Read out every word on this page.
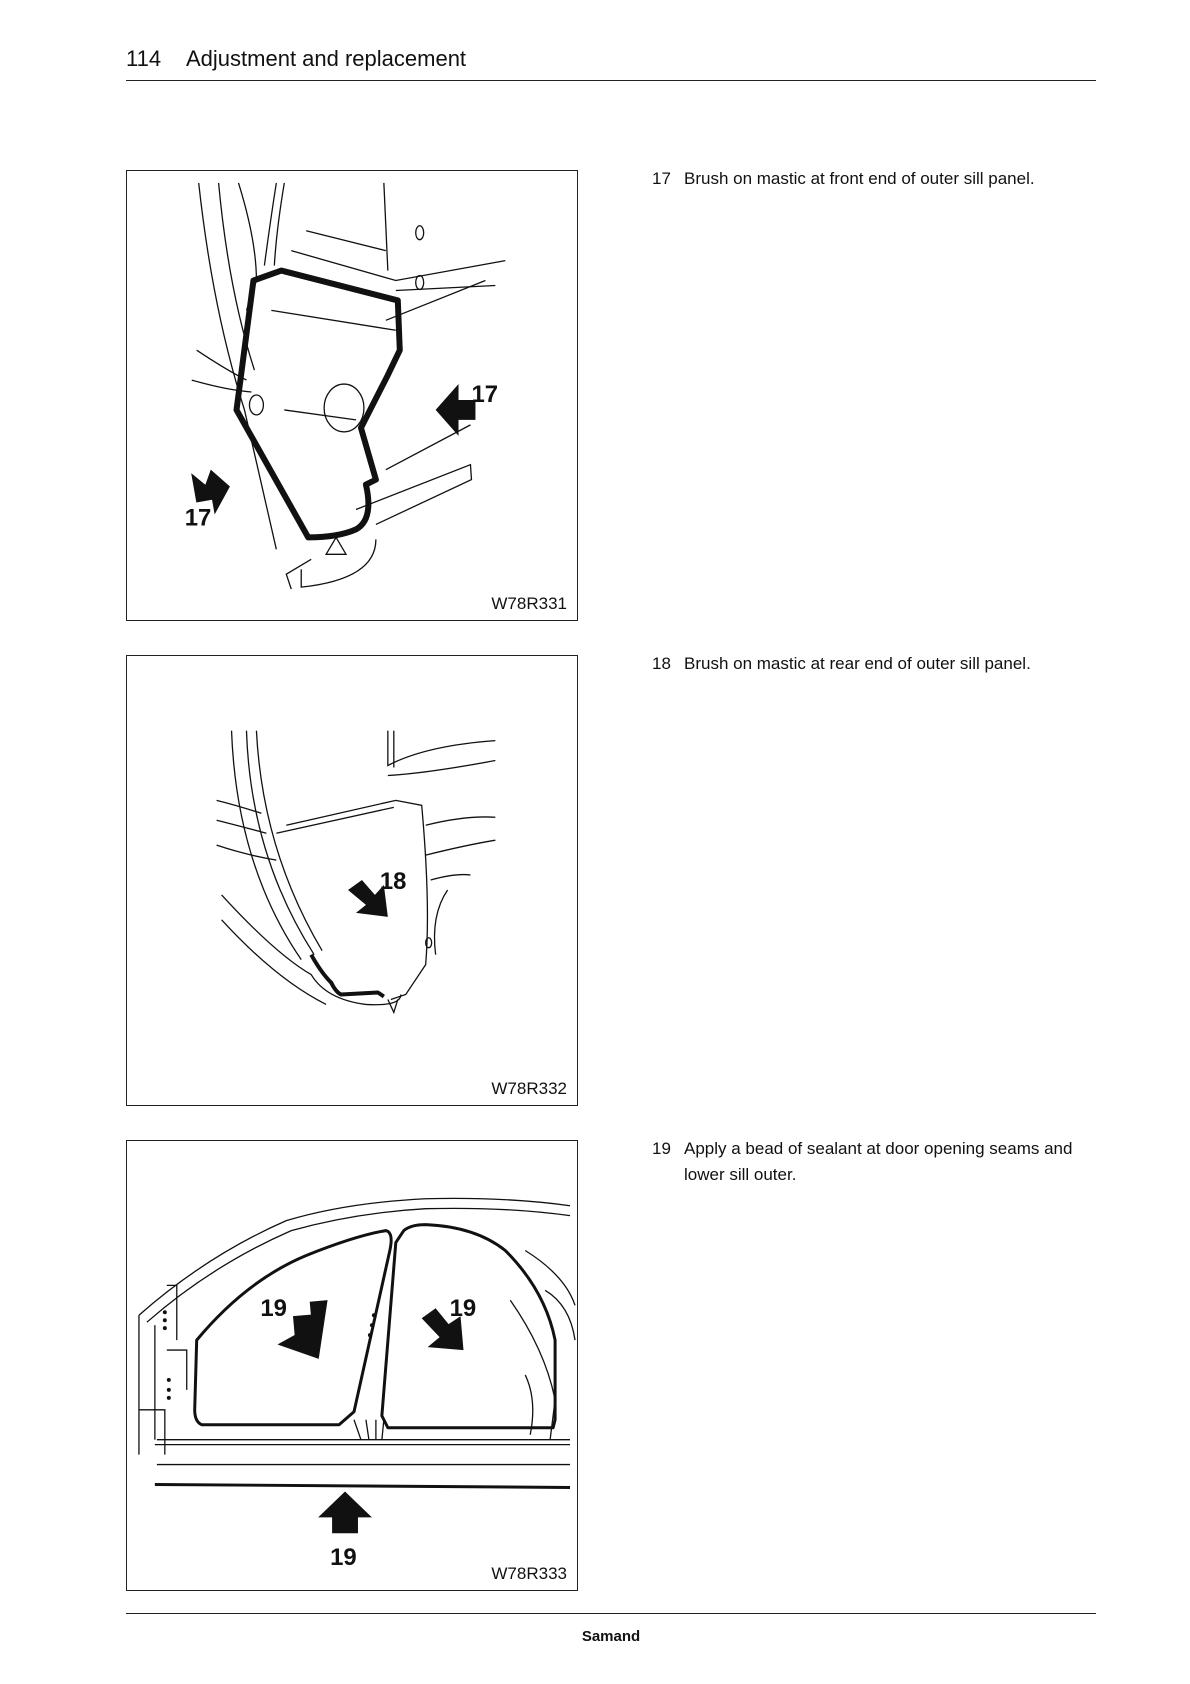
114 Adjustment and replacement
17
17
W78R331
18
W78R332
19	19
19
W78R333
17 Brush on mastic at front end of outer sill panel.
18 Brush on mastic at rear end of outer sill panel.
19 Apply a bead of sealant at door opening seams and lower sill outer.
Samand
